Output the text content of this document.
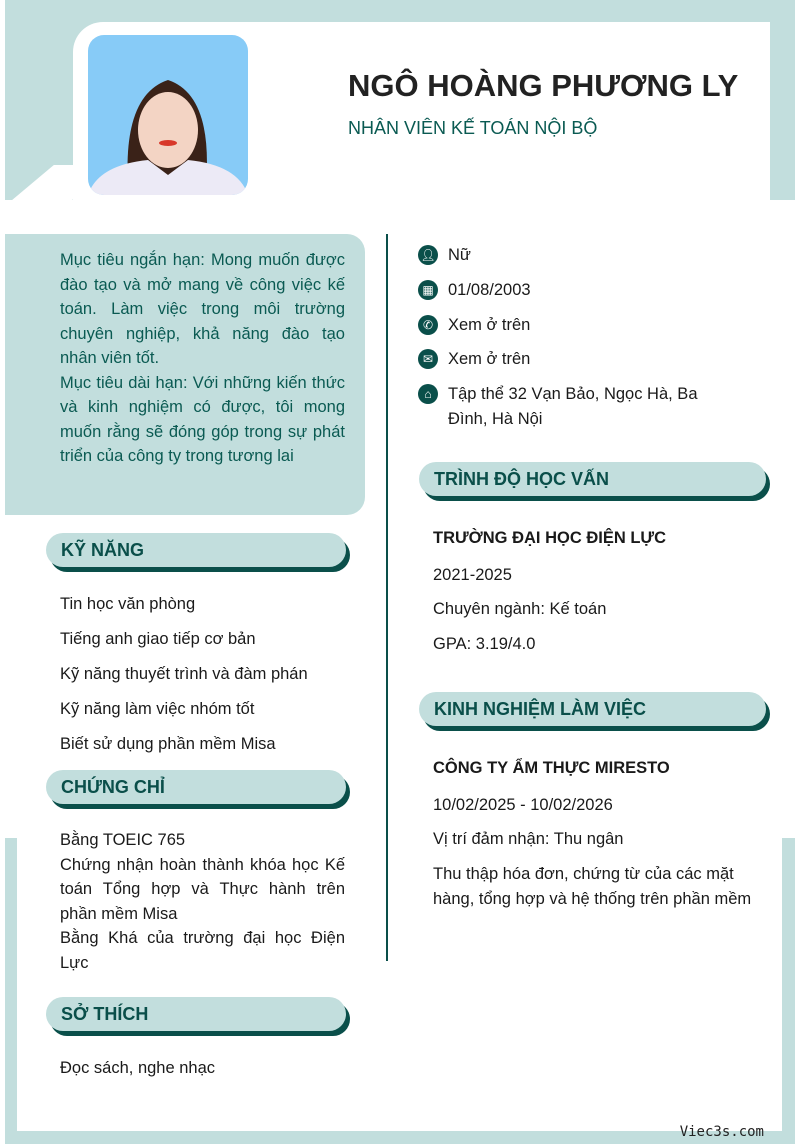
NGÔ HOÀNG PHƯƠNG LY
NHÂN VIÊN KẾ TOÁN NỘI BỘ
Mục tiêu ngắn hạn: Mong muốn được đào tạo và mở mang về công việc kế toán. Làm việc trong môi trường chuyên nghiệp, khả năng đào tạo nhân viên tốt.
Mục tiêu dài hạn: Với những kiến thức và kinh nghiệm có được, tôi mong muốn rằng sẽ đóng góp trong sự phát triển của công ty trong tương lai
KỸ NĂNG
Tin học văn phòng
Tiếng anh giao tiếp cơ bản
Kỹ năng thuyết trình và đàm phán
Kỹ năng làm việc nhóm tốt
Biết sử dụng phần mềm Misa
CHỨNG CHỈ
Bằng TOEIC 765
Chứng nhận hoàn thành khóa học Kế toán Tổng hợp và Thực hành trên phần mềm Misa
Bằng Khá của trường đại học Điện Lực
SỞ THÍCH
Đọc sách, nghe nhạc
👤︎ Nữ
▦ 01/08/2003
✆ Xem ở trên
✉ Xem ở trên
⌂ Tập thể 32 Vạn Bảo, Ngọc Hà, Ba Đình, Hà Nội
TRÌNH ĐỘ HỌC VẤN
TRƯỜNG ĐẠI HỌC ĐIỆN LỰC
2021-2025
Chuyên ngành: Kế toán
GPA: 3.19/4.0
KINH NGHIỆM LÀM VIỆC
CÔNG TY ẨM THỰC MIRESTO
10/02/2025 - 10/02/2026
Vị trí đảm nhận: Thu ngân
Thu thập hóa đơn, chứng từ của các mặt hàng, tổng hợp và hệ thống trên phần mềm
Viec3s.com
